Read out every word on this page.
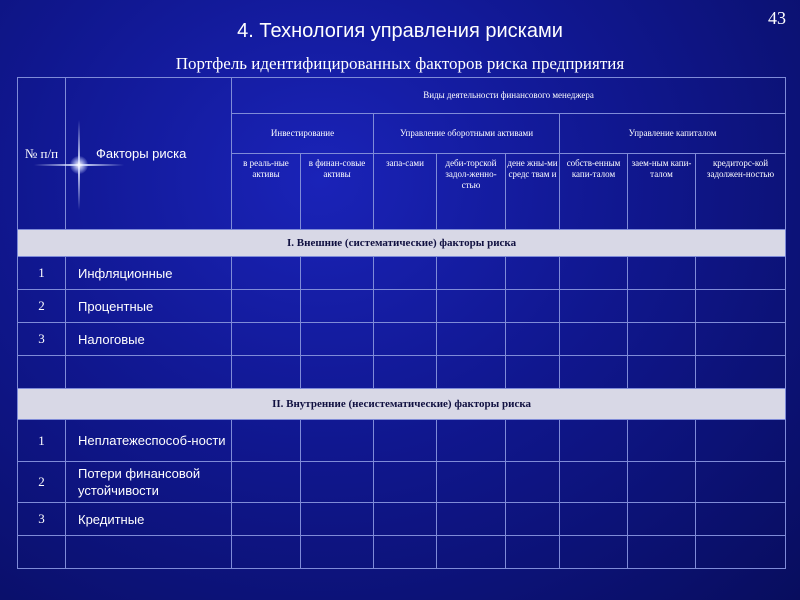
43
4. Технология управления рисками
Портфель идентифицированных факторов риска предприятия
№ п/п	Факторы риска	Виды деятельности финансового менеджера							
		Инвестирование		Управление оборотными активами			Управление капиталом		
		в реаль-ные активы	в финан-совые активы	запа-сами	деби-торской задол-женно-стью	дене жны-ми средс твам и	собств-енным капи-талом	заем-ным капи-талом	кредиторс-кой задолжен-ностью
I. Внешние (систематические) факторы риска									
1	Инфляционные								
2	Процентные								
3	Налоговые								

II. Внутренние (несистематические) факторы риска									
1	Неплатежеспособ-ности								
2	Потери финансовой устойчивости								
3	Кредитные								
